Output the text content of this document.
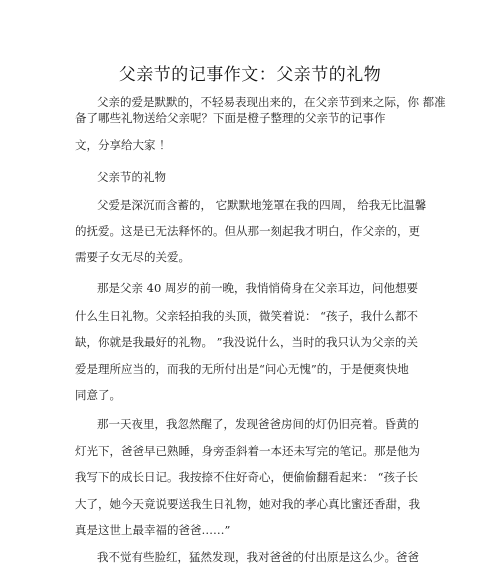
父亲节的记事作文：父亲节的礼物
父亲的爱是默默的，不轻易表现出来的，在父亲节到来之际，你 都准
备了哪些礼物送给父亲呢？下面是橙子整理的父亲节的记事作
文，分享给大家 ！
父亲节的礼物
父爱是深沉而含蓄的， 它默默地笼罩在我的四周， 给我无比温馨
的抚爱。这是已无法释怀的。但从那一刻起我才明白，作父亲的，更
需要子女无尽的关爱。
那是父亲 40 周岁的前一晚，我悄悄倚身在父亲耳边，问他想要
什么生日礼物。父亲轻拍我的头顶，微笑着说： “孩子，我什么都不
缺，你就是我最好的礼物。 ”我没说什么，当时的我只认为父亲的关
爱是理所应当的，而我的无所付出是“问心无愧”的，于是便爽快地
同意了。
那一天夜里，我忽然醒了，发现爸爸房间的灯仍旧亮着。昏黄的
灯光下，爸爸早已熟睡，身旁歪斜着一本还未写完的笔记。那是他为
我写下的成长日记。我按捺不住好奇心，便偷偷翻看起来： “孩子长
大了，她今天竟说要送我生日礼物，她对我的孝心真比蜜还香甜，我
真是这世上最幸福的爸爸……”
我不觉有些脸红，猛然发现，我对爸爸的付出原是这么少。爸爸
